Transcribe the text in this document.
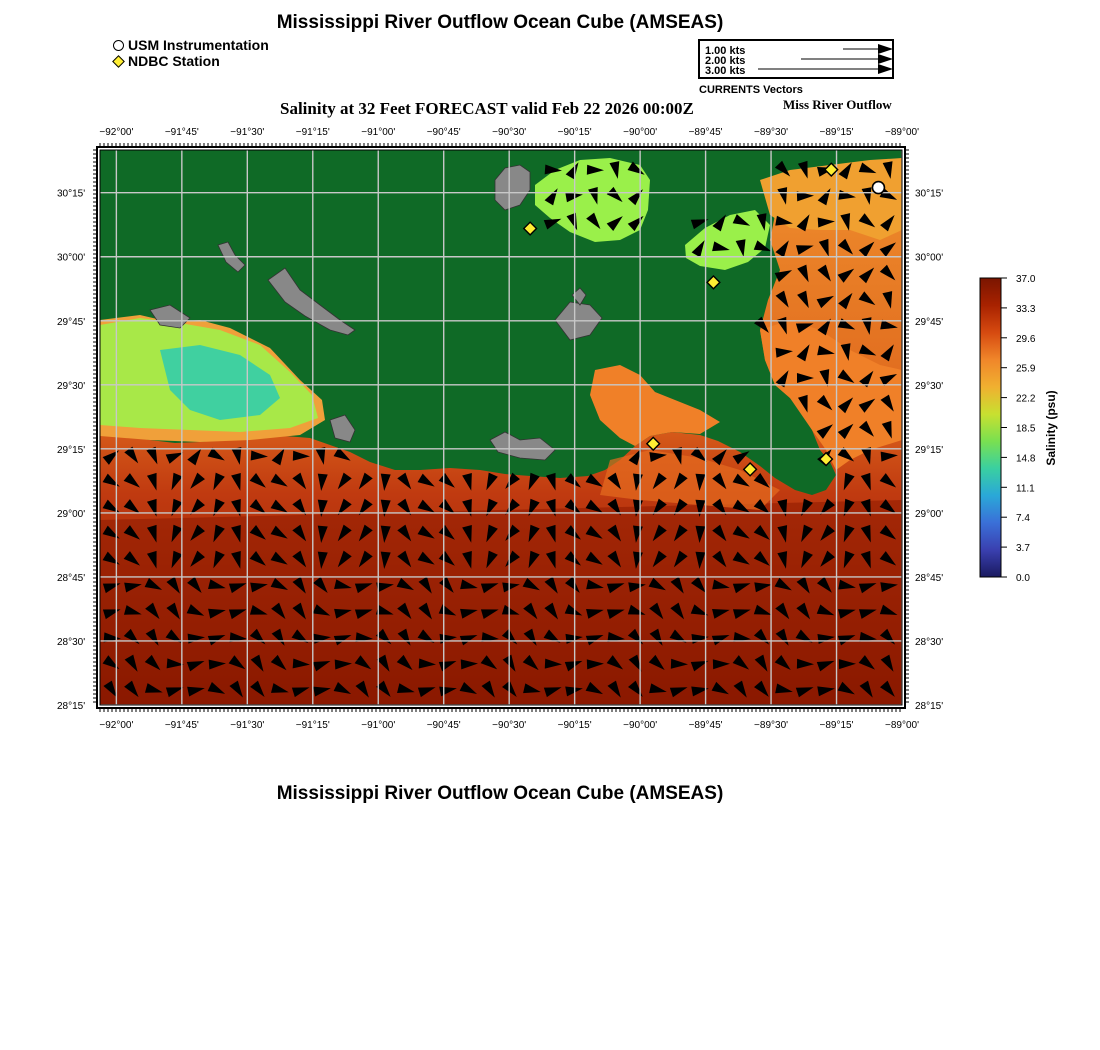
Mississippi River Outflow Ocean Cube (AMSEAS)
USM Instrumentation
NDBC Station
1.00 kts
2.00 kts
3.00 kts
CURRENTS Vectors
Salinity at 32 Feet FORECAST valid Feb 22 2026 00:00Z	Miss River Outflow
−92°00'	−91°45'	−91°30'	−91°15'	−91°00'	−90°45'	−90°30'	−90°15'	−90°00'	−89°45'	−89°30'	−89°15'	−89°00'
−92°00'	−91°45'	−91°30'	−91°15'	−91°00'	−90°45'	−90°30'	−90°15'	−90°00'	−89°45'	−89°30'	−89°15'	−89°00'
30°15'
30°00'
29°45'
29°30'
29°15'
29°00'
28°45'
28°30'
28°15'
30°15'
30°00'
29°45'
29°30'
29°15'
29°00'
28°45'
28°30'
28°15'
37.0
33.3
29.6
25.9
22.2
18.5
14.8
11.1
7.4
3.7
0.0
Salinity (psu)
Mississippi River Outflow Ocean Cube (AMSEAS)
